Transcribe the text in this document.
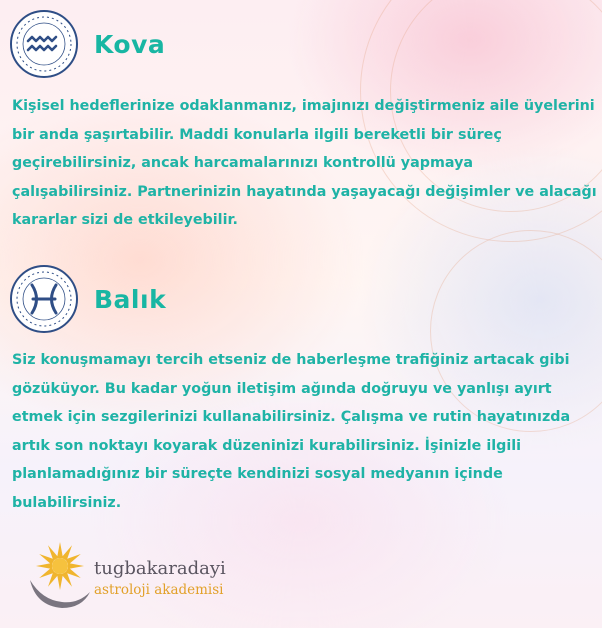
Kova

Kişisel hedeflerinize odaklanmanız, imajınızı değiştirmeniz aile üyelerini bir anda şaşırtabilir. Maddi konularla ilgili bereketli bir süreç geçirebilirsiniz, ancak harcamalarınızı kontrollü yapmaya çalışabilirsiniz. Partnerinizin hayatında yaşayacağı değişimler ve alacağı kararlar sizi de etkileyebilir.

Balık

Siz konuşmamayı tercih etseniz de haberleşme trafiğiniz artacak gibi gözüküyor. Bu kadar yoğun iletişim ağında doğruyu ve yanlışı ayırt etmek için sezgilerinizi kullanabilirsiniz. Çalışma ve rutin hayatınızda artık son noktayı koyarak düzeninizi kurabilirsiniz. İşinizle ilgili planlamadığınız bir süreçte kendinizi sosyal medyanın içinde bulabilirsiniz.

tugbakaradayi
astroloji akademisi
